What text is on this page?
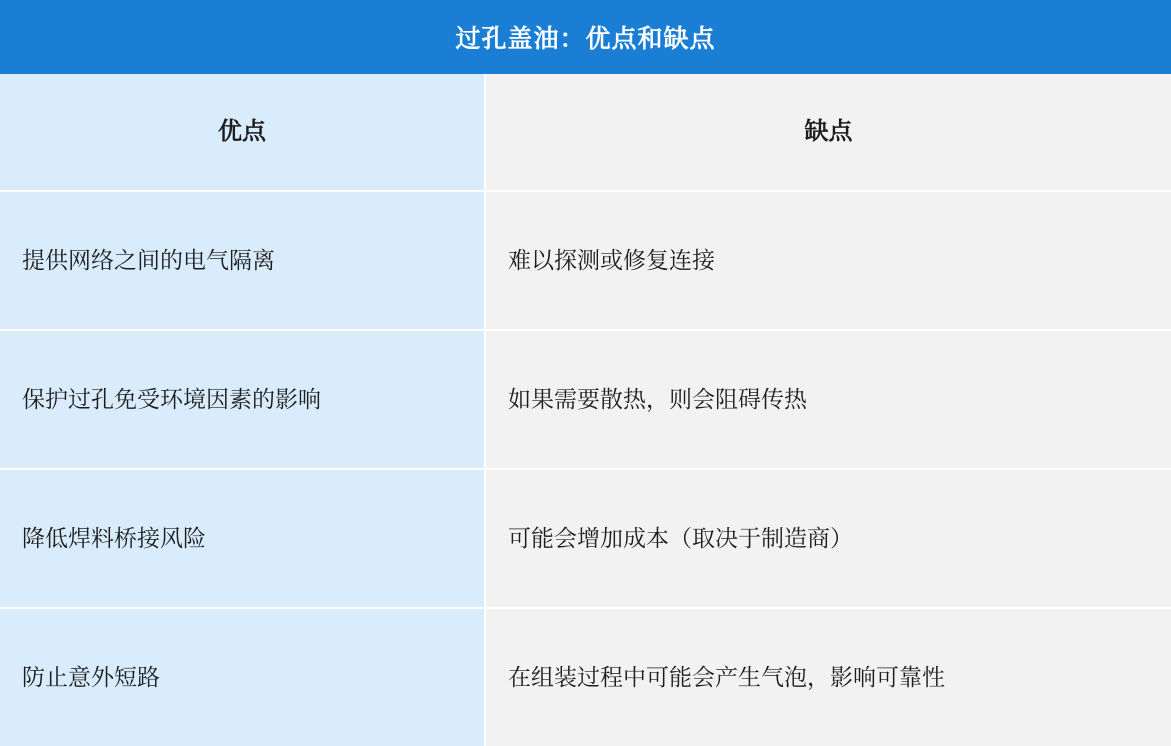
过孔盖油：优点和缺点
优点	缺点
提供网络之间的电气隔离	难以探测或修复连接
保护过孔免受环境因素的影响	如果需要散热，则会阻碍传热
降低焊料桥接风险	可能会增加成本（取决于制造商）
防止意外短路	在组装过程中可能会产生气泡，影响可靠性
